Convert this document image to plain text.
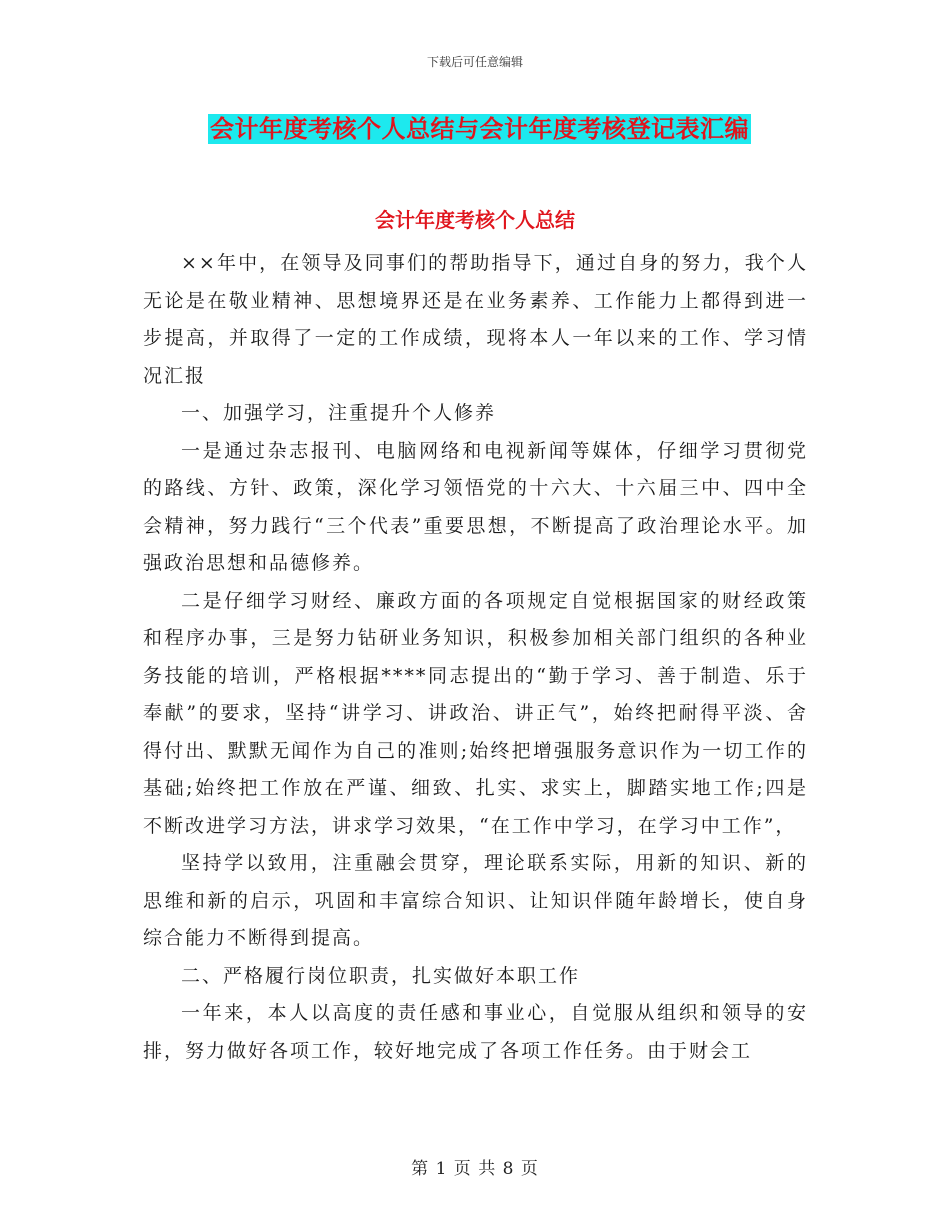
下载后可任意编辑
会计年度考核个人总结与会计年度考核登记表汇编
会计年度考核个人总结

××年中，在领导及同事们的帮助指导下，通过自身的努力，我个人无论是在敬业精神、思想境界还是在业务素养、工作能力上都得到进一步提高，并取得了一定的工作成绩，现将本人一年以来的工作、学习情况汇报

一、加强学习，注重提升个人修养

一是通过杂志报刊、电脑网络和电视新闻等媒体，仔细学习贯彻党的路线、方针、政策，深化学习领悟党的十六大、十六届三中、四中全会精神，努力践行“三个代表”重要思想，不断提高了政治理论水平。加强政治思想和品德修养。

二是仔细学习财经、廉政方面的各项规定自觉根据国家的财经政策和程序办事，三是努力钻研业务知识，积极参加相关部门组织的各种业务技能的培训，严格根据****同志提出的“勤于学习、善于制造、乐于奉献”的要求，坚持“讲学习、讲政治、讲正气”，始终把耐得平淡、舍得付出、默默无闻作为自己的准则;始终把增强服务意识作为一切工作的基础;始终把工作放在严谨、细致、扎实、求实上，脚踏实地工作;四是不断改进学习方法，讲求学习效果，“在工作中学习，在学习中工作”，

坚持学以致用，注重融会贯穿，理论联系实际，用新的知识、新的思维和新的启示，巩固和丰富综合知识、让知识伴随年龄增长，使自身综合能力不断得到提高。

二、严格履行岗位职责，扎实做好本职工作

一年来，本人以高度的责任感和事业心，自觉服从组织和领导的安排，努力做好各项工作，较好地完成了各项工作任务。由于财会工

第 1 页 共 8 页
